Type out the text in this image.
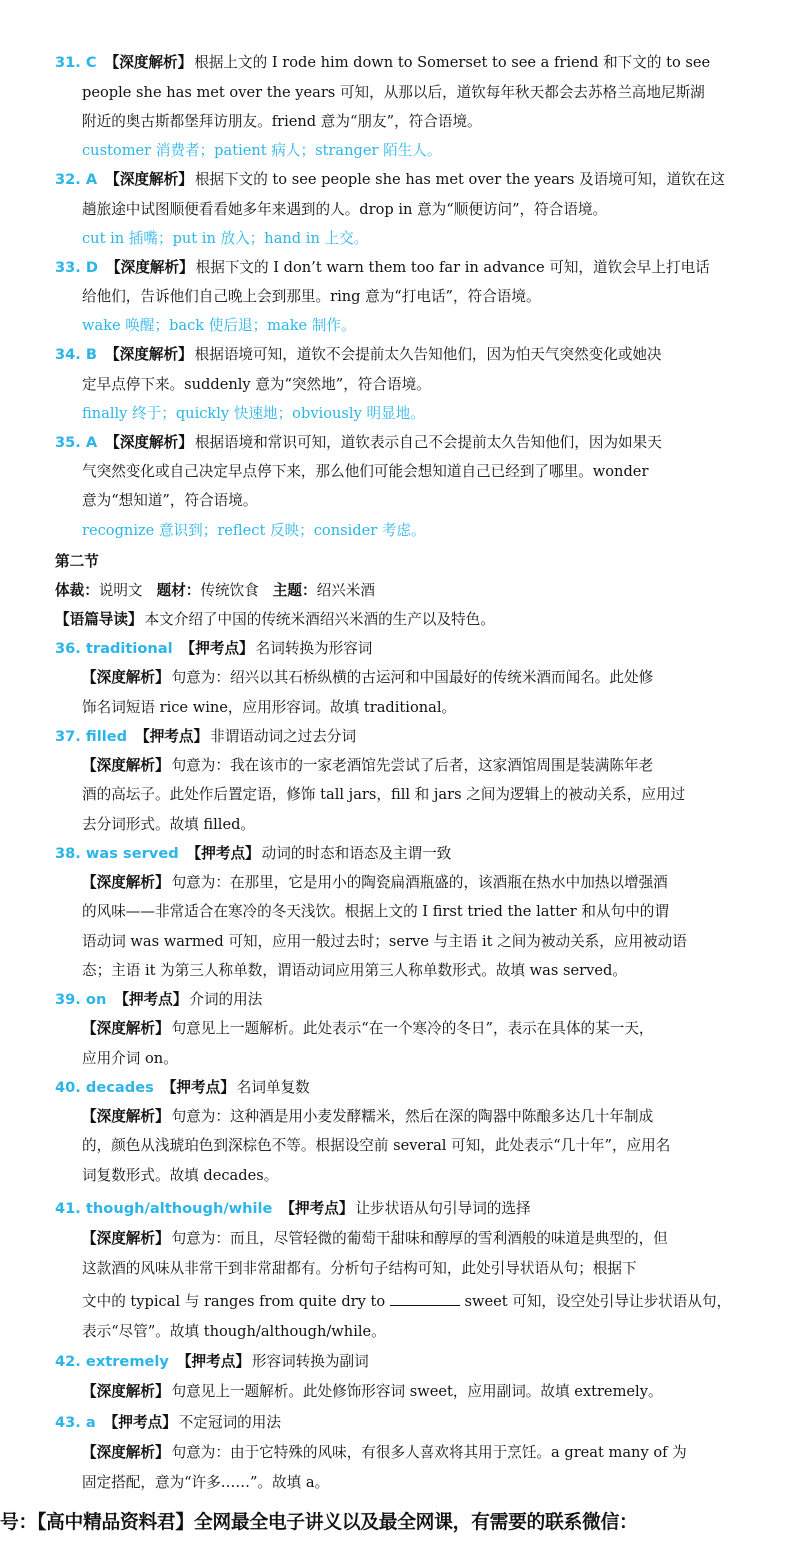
31. C 【深度解析】 根据上文的 I rode him down to Somerset to see a friend 和下文的 to see
people she has met over the years 可知，从那以后，道钦每年秋天都会去苏格兰高地尼斯湖
附近的奥古斯都堡拜访朋友。friend 意为“朋友”，符合语境。
customer 消费者；patient 病人；stranger 陌生人。
32. A 【深度解析】 根据下文的 to see people she has met over the years 及语境可知，道钦在这
趟旅途中试图顺便看看她多年来遇到的人。drop in 意为“顺便访问”，符合语境。
cut in 插嘴；put in 放入；hand in 上交。
33. D 【深度解析】 根据下文的 I don’t warn them too far in advance 可知，道钦会早上打电话
给他们，告诉他们自己晚上会到那里。ring 意为“打电话”，符合语境。
wake 唤醒；back 使后退；make 制作。
34. B 【深度解析】 根据语境可知，道钦不会提前太久告知他们，因为怕天气突然变化或她决
定早点停下来。suddenly 意为“突然地”，符合语境。
finally 终于；quickly 快速地；obviously 明显地。
35. A 【深度解析】 根据语境和常识可知，道钦表示自己不会提前太久告知他们，因为如果天
气突然变化或自己决定早点停下来，那么他们可能会想知道自己已经到了哪里。wonder
意为“想知道”，符合语境。
recognize 意识到；reflect 反映；consider 考虑。
第二节
体裁：说明文 题材：传统饮食 主题：绍兴米酒
【语篇导读】 本文介绍了中国的传统米酒绍兴米酒的生产以及特色。
36. traditional 【押考点】 名词转换为形容词
【深度解析】 句意为：绍兴以其石桥纵横的古运河和中国最好的传统米酒而闻名。此处修
饰名词短语 rice wine，应用形容词。故填 traditional。
37. filled 【押考点】 非谓语动词之过去分词
【深度解析】 句意为：我在该市的一家老酒馆先尝试了后者，这家酒馆周围是装满陈年老
酒的高坛子。此处作后置定语，修饰 tall jars，fill 和 jars 之间为逻辑上的被动关系，应用过
去分词形式。故填 filled。
38. was served 【押考点】 动词的时态和语态及主谓一致
【深度解析】 句意为：在那里，它是用小的陶瓷扁酒瓶盛的，该酒瓶在热水中加热以增强酒
的风味——非常适合在寒冷的冬天浅饮。根据上文的 I first tried the latter 和从句中的谓
语动词 was warmed 可知，应用一般过去时；serve 与主语 it 之间为被动关系，应用被动语
态；主语 it 为第三人称单数，谓语动词应用第三人称单数形式。故填 was served。
39. on 【押考点】 介词的用法
【深度解析】 句意见上一题解析。此处表示“在一个寒冷的冬日”，表示在具体的某一天，
应用介词 on。
40. decades 【押考点】 名词单复数
【深度解析】 句意为：这种酒是用小麦发酵糯米，然后在深的陶器中陈酿多达几十年制成
的，颜色从浅琥珀色到深棕色不等。根据设空前 several 可知，此处表示“几十年”，应用名
词复数形式。故填 decades。
41. though/although/while 【押考点】 让步状语从句引导词的选择
【深度解析】 句意为：而且，尽管轻微的葡萄干甜味和醇厚的雪利酒般的味道是典型的，但
这款酒的风味从非常干到非常甜都有。分析句子结构可知，此处引导状语从句；根据下
文中的 typical 与 ranges from quite dry to	sweet 可知，设空处引导让步状语从句，
表示“尽管”。故填 though/although/while。
42. extremely 【押考点】 形容词转换为副词
【深度解析】 句意见上一题解析。此处修饰形容词 sweet，应用副词。故填 extremely。
43. a 【押考点】 不定冠词的用法
【深度解析】 句意为：由于它特殊的风味，有很多人喜欢将其用于烹饪。a great many of 为
固定搭配，意为“许多……”。故填 a。
号：【高中精品资料君】全网最全电子讲义以及最全网课，有需要的联系微信：
